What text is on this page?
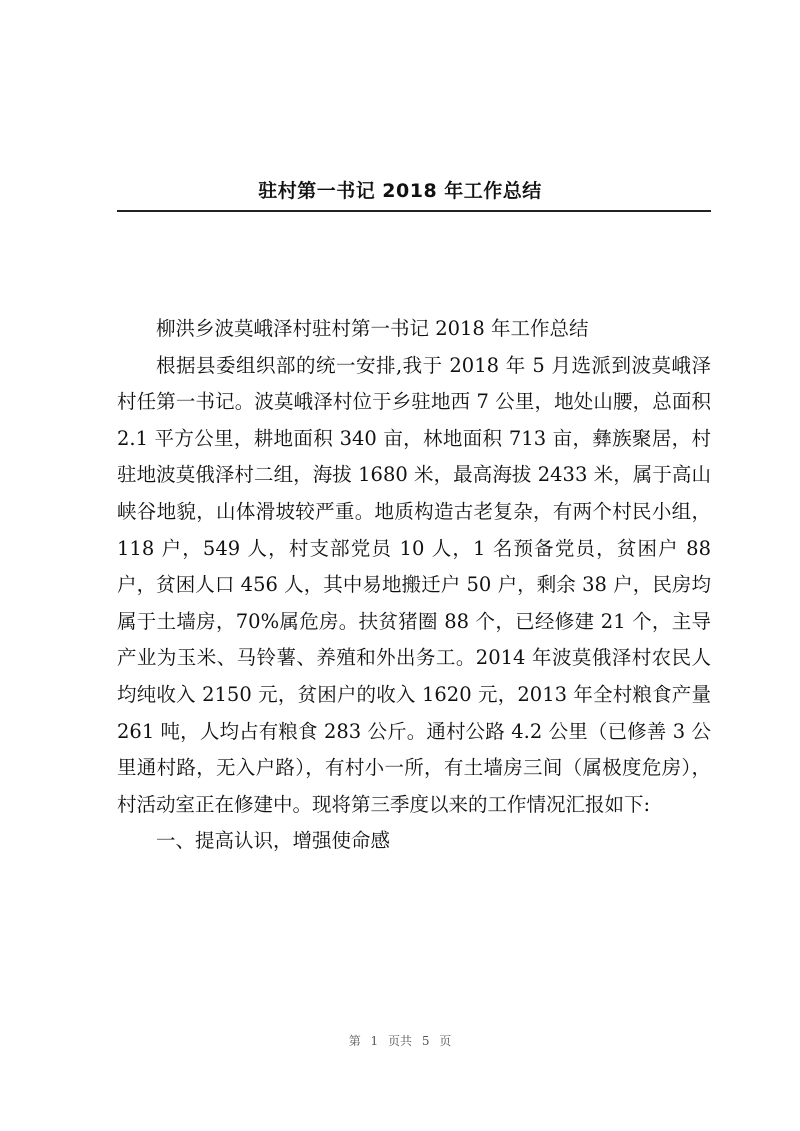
驻村第一书记 2018 年工作总结

柳洪乡波莫峨泽村驻村第一书记 2018 年工作总结

根据县委组织部的统一安排,我于 2018 年 5 月选派到波莫峨泽村任第一书记。波莫峨泽村位于乡驻地西 7 公里，地处山腰，总面积 2.1 平方公里，耕地面积 340 亩，林地面积 713 亩，彝族聚居，村驻地波莫俄泽村二组，海拔 1680 米，最高海拔 2433 米，属于高山峡谷地貌，山体滑坡较严重。地质构造古老复杂，有两个村民小组，118 户，549 人，村支部党员 10 人，1 名预备党员，贫困户 88 户，贫困人口 456 人，其中易地搬迁户 50 户，剩余 38 户，民房均属于土墙房，70%属危房。扶贫猪圈 88 个，已经修建 21 个，主导产业为玉米、马铃薯、养殖和外出务工。2014 年波莫俄泽村农民人均纯收入 2150 元，贫困户的收入 1620 元，2013 年全村粮食产量 261 吨，人均占有粮食 283 公斤。通村公路 4.2 公里（已修善 3 公里通村路，无入户路），有村小一所，有土墙房三间（属极度危房），村活动室正在修建中。现将第三季度以来的工作情况汇报如下:

一、提高认识，增强使命感

第 1 页共 5 页
